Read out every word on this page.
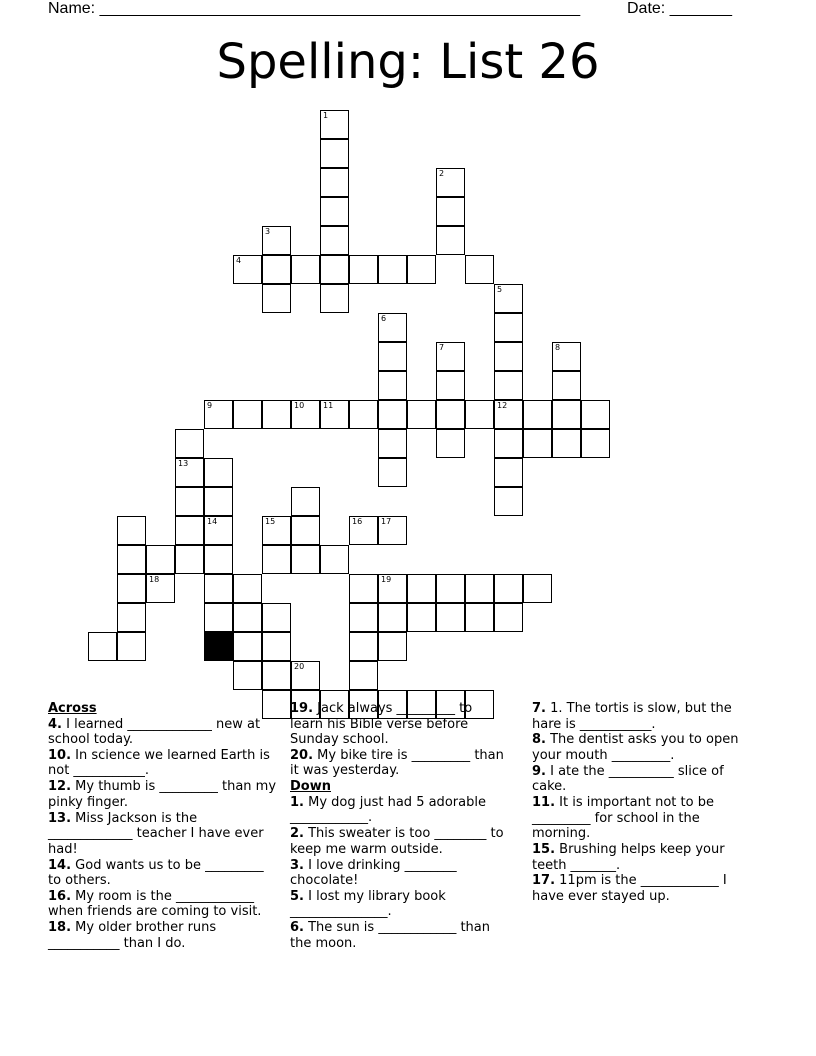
Name: ______________________________________________________	Date: _______
Spelling: List 26
1
2
3
4
5
12
6
7	8
9	10 11
13
14
19
15	16 17
18
20
Across
4. I learned _____________ new at school today.
10. In science we learned Earth is not ___________.
12. My thumb is _________ than my pinky finger.
13. Miss Jackson is the _____________ teacher I have ever had!
14. God wants us to be _________ to others.
16. My room is the ____________ when friends are coming to visit.
18. My older brother runs ___________ than I do.
19. Jack always _________ to learn his Bible verse before Sunday school.
20. My bike tire is _________ than it was yesterday.
Down
1. My dog just had 5 adorable ____________.
2. This sweater is too ________ to keep me warm outside.
3. I love drinking ________ chocolate!
5. I lost my library book _______________.
6. The sun is ____________ than the moon.
7. 1. The tortis is slow, but the hare is ___________.
8. The dentist asks you to open your mouth _________.
9. I ate the __________ slice of cake.
11. It is important not to be _________ for school in the morning.
15. Brushing helps keep your teeth _______.
17. 11pm is the ____________ I have ever stayed up.
